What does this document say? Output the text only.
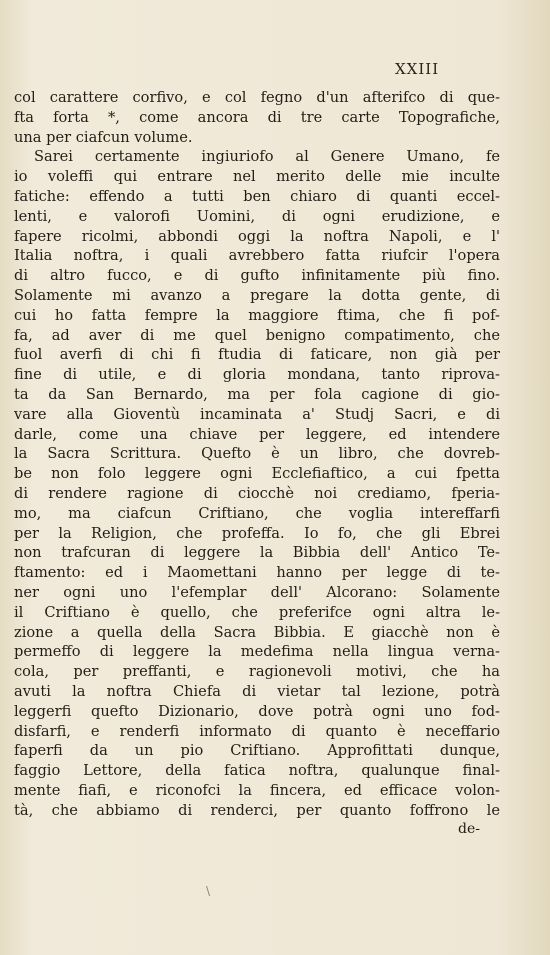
XXIII
col carattere corfivo, e col fegno d'un afterifco di que-
fta forta *, come ancora di tre carte Topografiche,
una per ciafcun volume.
Sarei certamente ingiuriofo al Genere Umano, fe
io voleffi qui entrare nel merito delle mie inculte
fatiche: effendo a tutti ben chiaro di quanti eccel-
lenti, e valorofi Uomini, di ogni erudizione, e
fapere ricolmi, abbondi oggi la noftra Napoli, e l'
Italia noftra, i quali avrebbero fatta riufcir l'opera
di altro fucco, e di gufto infinitamente più fino.
Solamente mi avanzo a pregare la dotta gente, di
cui ho fatta fempre la maggiore ftima, che fi pof-
fa, ad aver di me quel benigno compatimento, che
fuol averfi di chi fi ftudia di faticare, non già per
fine di utile, e di gloria mondana, tanto riprova-
ta da San Bernardo, ma per fola cagione di gio-
vare alla Gioventù incaminata a' Studj Sacri, e di
darle, come una chiave per leggere, ed intendere
la Sacra Scrittura. Quefto è un libro, che dovreb-
be non folo leggere ogni Ecclefiaftico, a cui fpetta
di rendere ragione di ciocchè noi crediamo, fperia-
mo, ma ciafcun Criftiano, che voglia intereffarfi
per la Religion, che profeffa. Io fo, che gli Ebrei
non trafcuran di leggere la Bibbia dell' Antico Te-
ftamento: ed i Maomettani hanno per legge di te-
ner ogni uno l'efemplar dell' Alcorano: Solamente
il Criftiano è quello, che preferifce ogni altra le-
zione a quella della Sacra Bibbia. E giacchè non è
permeffo di leggere la medefima nella lingua verna-
cola, per preffanti, e ragionevoli motivi, che ha
avuti la noftra Chiefa di vietar tal lezione, potrà
leggerfi quefto Dizionario, dove potrà ogni uno fod-
disfarfi, e renderfi informato di quanto è neceffario
faperfi da un pio Criftiano. Approfittati dunque,
faggio Lettore, della fatica noftra, qualunque final-
mente fiafi, e riconofci la fincera, ed efficace volon-
tà, che abbiamo di renderci, per quanto foffrono le
de-
\
